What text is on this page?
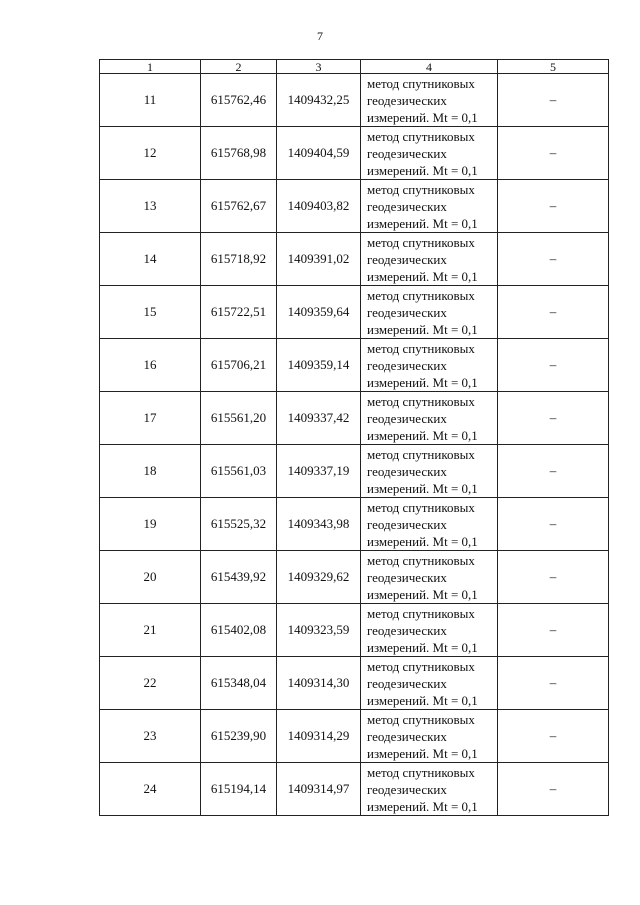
7
1	2	3	4	5
11	615762,46	1409432,25	метод спутниковых
геодезических
измерений. Mt = 0,1	–
12	615768,98	1409404,59	метод спутниковых
геодезических
измерений. Mt = 0,1	–
13	615762,67	1409403,82	метод спутниковых
геодезических
измерений. Mt = 0,1	–
14	615718,92	1409391,02	метод спутниковых
геодезических
измерений. Mt = 0,1	–
15	615722,51	1409359,64	метод спутниковых
геодезических
измерений. Mt = 0,1	–
16	615706,21	1409359,14	метод спутниковых
геодезических
измерений. Mt = 0,1	–
17	615561,20	1409337,42	метод спутниковых
геодезических
измерений. Mt = 0,1	–
18	615561,03	1409337,19	метод спутниковых
геодезических
измерений. Mt = 0,1	–
19	615525,32	1409343,98	метод спутниковых
геодезических
измерений. Mt = 0,1	–
20	615439,92	1409329,62	метод спутниковых
геодезических
измерений. Mt = 0,1	–
21	615402,08	1409323,59	метод спутниковых
геодезических
измерений. Mt = 0,1	–
22	615348,04	1409314,30	метод спутниковых
геодезических
измерений. Mt = 0,1	–
23	615239,90	1409314,29	метод спутниковых
геодезических
измерений. Mt = 0,1	–
24	615194,14	1409314,97	метод спутниковых
геодезических
измерений. Mt = 0,1	–
